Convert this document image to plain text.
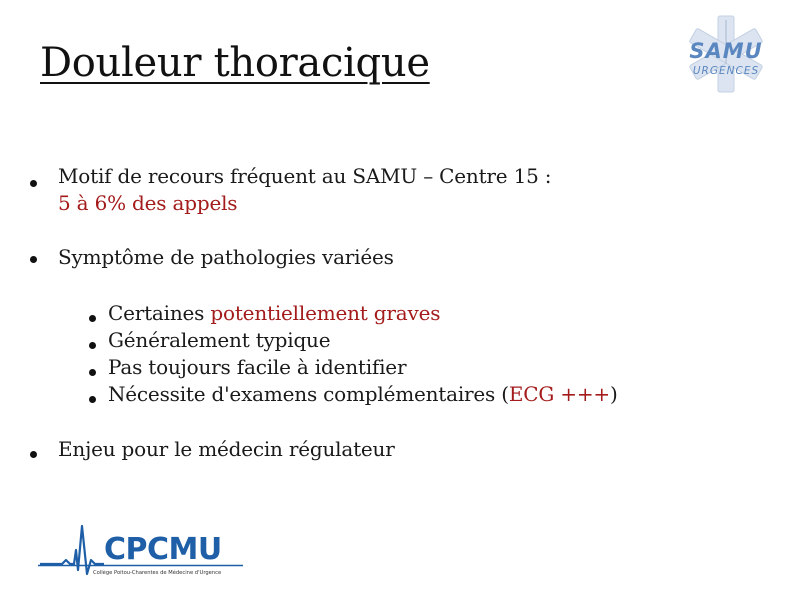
Douleur thoracique	SAMU
URGENCES
Motif de recours fréquent au SAMU – Centre 15 :
5 à 6% des appels
Symptôme de pathologies variées
Certaines potentiellement graves
Généralement typique
Pas toujours facile à identifier
Nécessite d'examens complémentaires (ECG +++)
Enjeu pour le médecin régulateur
CPCMU
Collège Poitou-Charentes de Médecine d'Urgence
